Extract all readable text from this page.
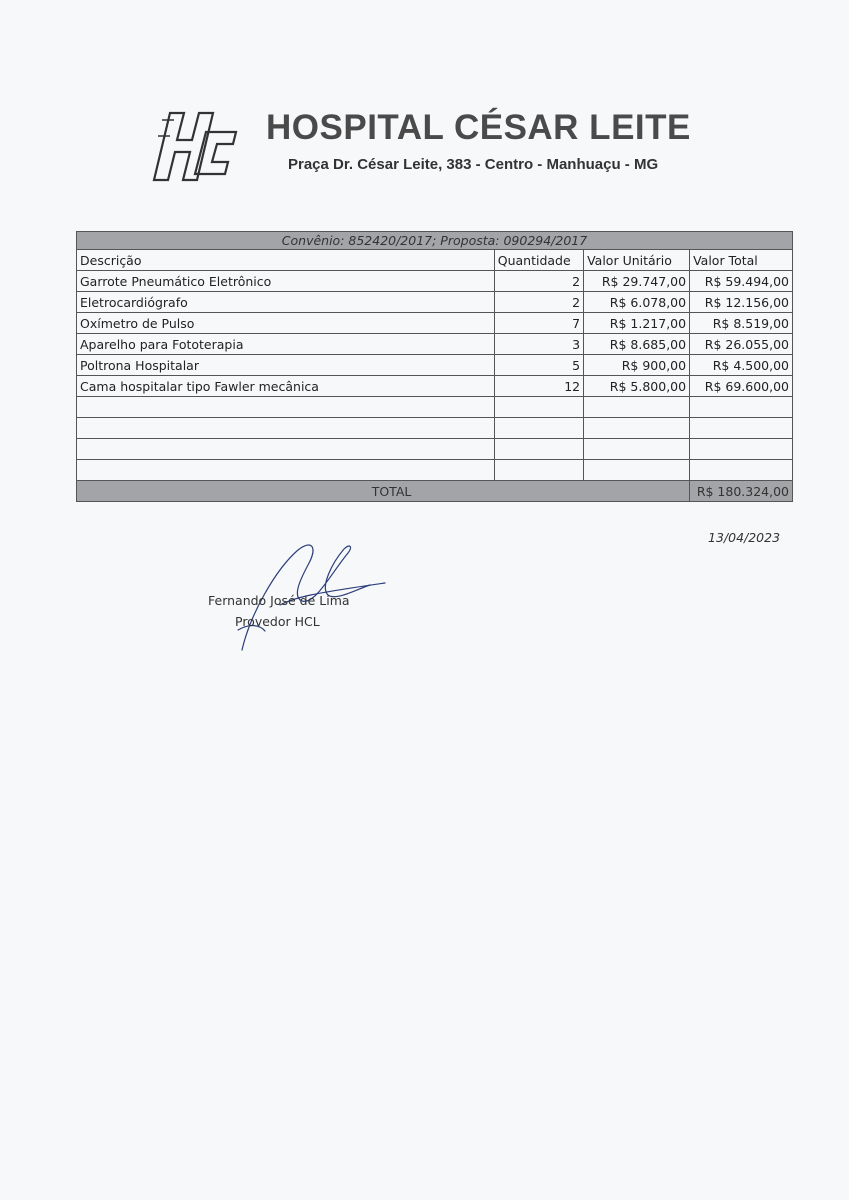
HOSPITAL CÉSAR LEITE
Praça Dr. César Leite, 383 - Centro - Manhuaçu - MG
Convênio: 852420/2017; Proposta: 090294/2017			
Descrição	Quantidade	Valor Unitário	Valor Total
Garrote Pneumático Eletrônico	2	R$ 29.747,00	R$ 59.494,00
Eletrocardiógrafo	2	R$ 6.078,00	R$ 12.156,00
Oxímetro de Pulso	7	R$ 1.217,00	R$ 8.519,00
Aparelho para Fototerapia	3	R$ 8.685,00	R$ 26.055,00
Poltrona Hospitalar	5	R$ 900,00	R$ 4.500,00
Cama hospitalar tipo Fawler mecânica	12	R$ 5.800,00	R$ 69.600,00

TOTAL			R$ 180.324,00
13/04/2023
Fernando José de Lima
Provedor HCL
